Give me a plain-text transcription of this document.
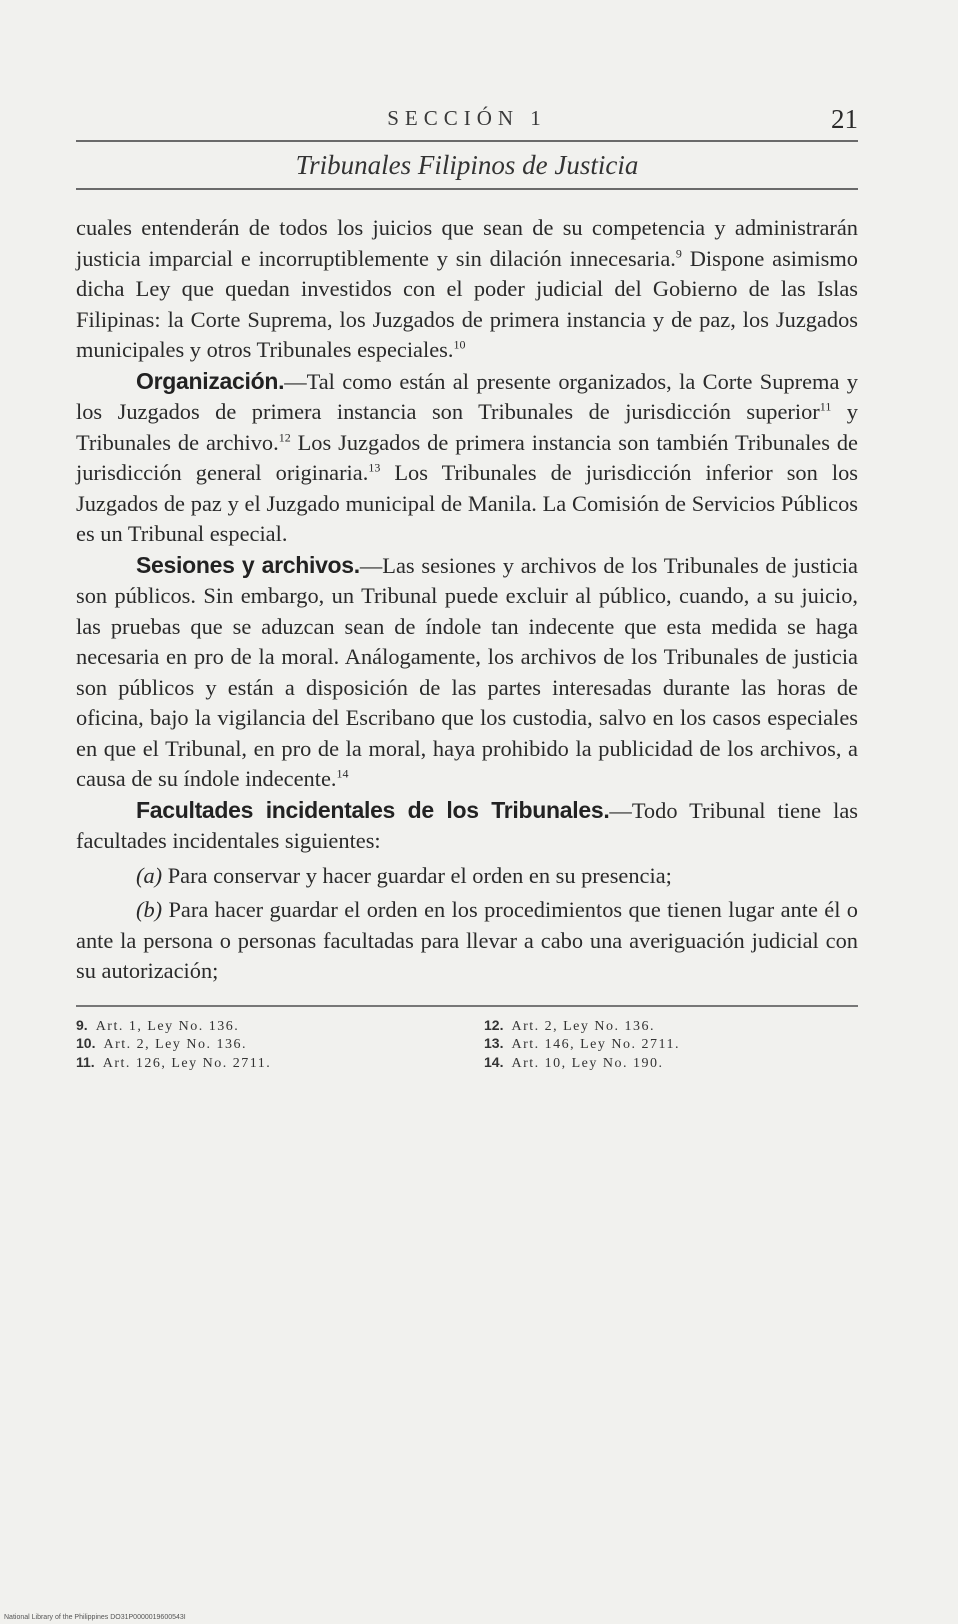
SECCIÓN 1	21
Tribunales Filipinos de Justicia

cuales entenderán de todos los juicios que sean de su competencia y administrarán justicia imparcial e incorruptiblemente y sin dilación innecesaria.$^9$ Dispone asimismo dicha Ley que quedan investidos con el poder judicial del Gobierno de las Islas Filipinas: la Corte Suprema, los Juzgados de primera instancia y de paz, los Juzgados municipales y otros Tribunales especiales.$^{10}$

Organización.—Tal como están al presente organizados, la Corte Suprema y los Juzgados de primera instancia son Tribunales de jurisdicción superior$^{11}$ y Tribunales de archivo.$^{12}$ Los Juzgados de primera instancia son también Tribunales de jurisdicción general originaria.$^{13}$ Los Tribunales de jurisdicción inferior son los Juzgados de paz y el Juzgado municipal de Manila. La Comisión de Servicios Públicos es un Tribunal especial.

Sesiones y archivos.—Las sesiones y archivos de los Tribunales de justicia son públicos. Sin embargo, un Tribunal puede excluir al público, cuando, a su juicio, las pruebas que se aduzcan sean de índole tan indecente que esta medida se haga necesaria en pro de la moral. Análogamente, los archivos de los Tribunales de justicia son públicos y están a disposición de las partes interesadas durante las horas de oficina, bajo la vigilancia del Escribano que los custodia, salvo en los casos especiales en que el Tribunal, en pro de la moral, haya prohibido la publicidad de los archivos, a causa de su índole indecente.$^{14}$

Facultades incidentales de los Tribunales.—Todo Tribunal tiene las facultades incidentales siguientes:

(a) Para conservar y hacer guardar el orden en su presencia;

(b) Para hacer guardar el orden en los procedimientos que tienen lugar ante él o ante la persona o personas facultadas para llevar a cabo una averiguación judicial con su autorización;

9. Art. 1, Ley No. 136.
10. Art. 2, Ley No. 136.
11. Art. 126, Ley No. 2711.
12. Art. 2, Ley No. 136.
13. Art. 146, Ley No. 2711.
14. Art. 10, Ley No. 190.
National Library of the Philippines DO31P0000019600543I
